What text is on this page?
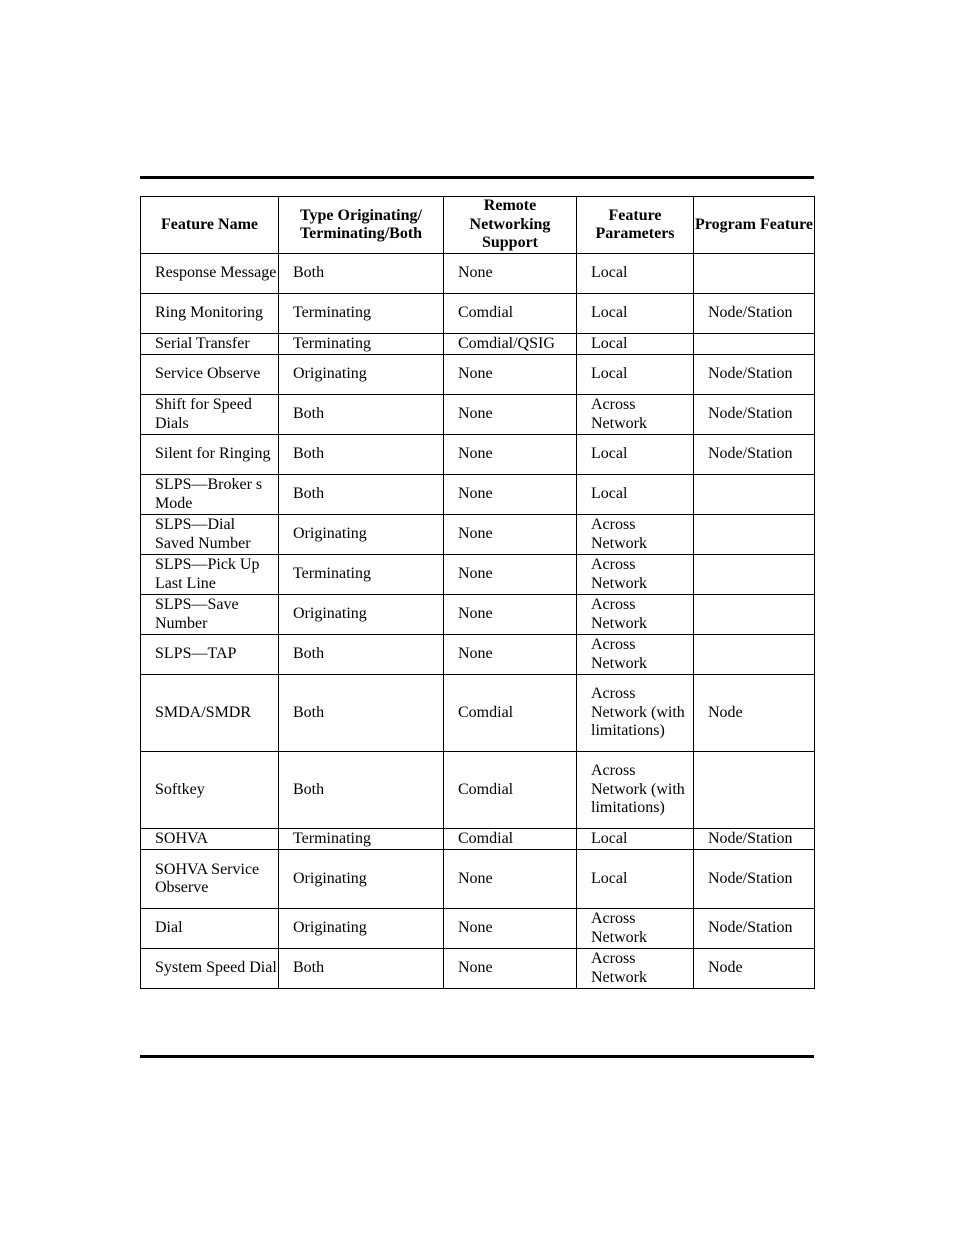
Feature Name	Type Originating/ Terminating/Both	Remote Networking Support	Feature Parameters	Program Feature
Response Message	Both	None	Local	
Ring Monitoring	Terminating	Comdial	Local	Node/Station
Serial Transfer	Terminating	Comdial/QSIG	Local	
Service Observe	Originating	None	Local	Node/Station
Shift for Speed Dials	Both	None	Across Network	Node/Station
Silent for Ringing	Both	None	Local	Node/Station
SLPS—Broker s Mode	Both	None	Local	
SLPS—Dial Saved Number	Originating	None	Across Network	
SLPS—Pick Up Last Line	Terminating	None	Across Network	
SLPS—Save Number	Originating	None	Across Network	
SLPS—TAP	Both	None	Across Network	
SMDA/SMDR	Both	Comdial	Across Network (with limitations)	Node
Softkey	Both	Comdial	Across Network (with limitations)	
SOHVA	Terminating	Comdial	Local	Node/Station
SOHVA Service Observe	Originating	None	Local	Node/Station
Dial	Originating	None	Across Network	Node/Station
System Speed Dial	Both	None	Across Network	Node
